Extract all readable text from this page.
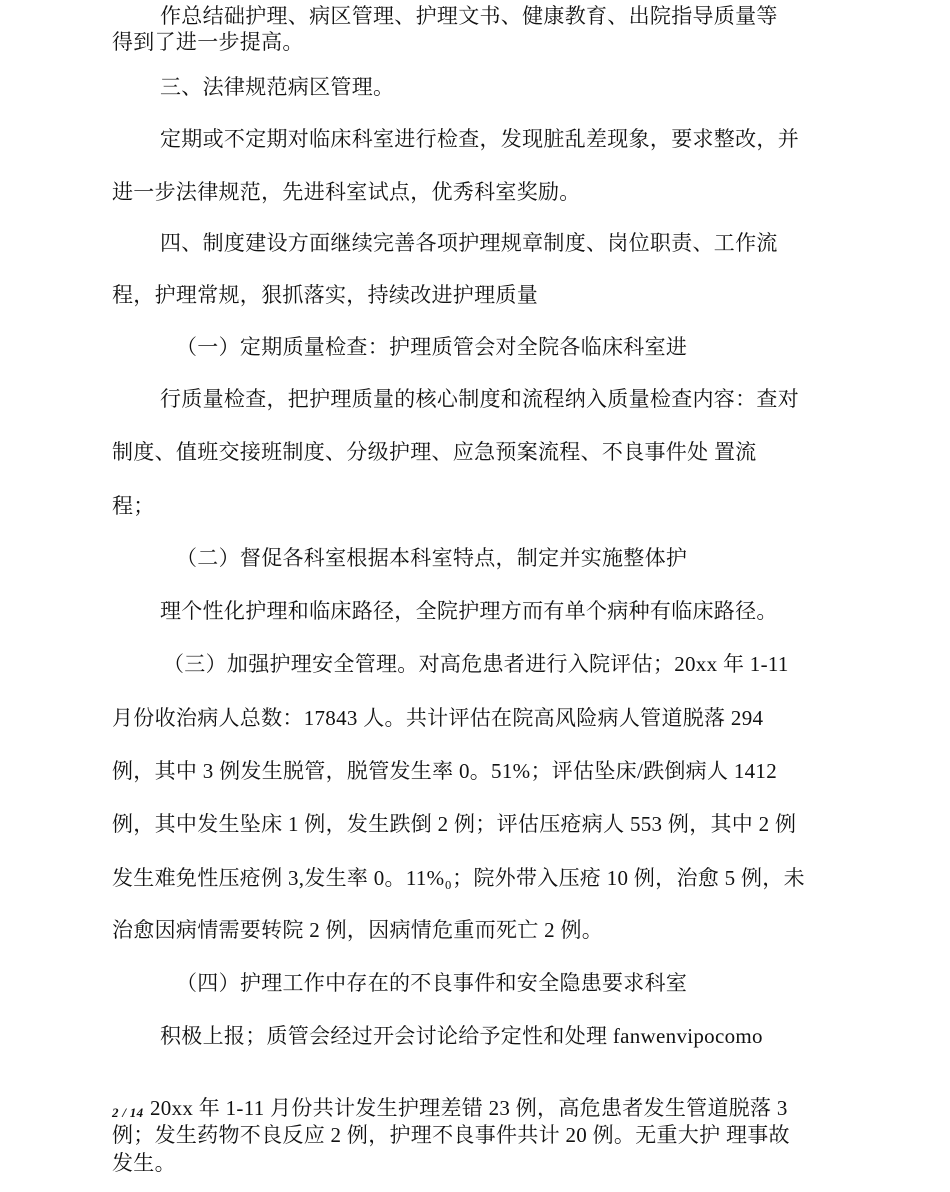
作总结础护理、病区管理、护理文书、健康教育、出院指导质量等
得到了进一步提高。
三、法律规范病区管理。
定期或不定期对临床科室进行检查，发现脏乱差现象，要求整改，并
进一步法律规范，先进科室试点，优秀科室奖励。
四、制度建设方面继续完善各项护理规章制度、岗位职责、工作流
程，护理常规，狠抓落实，持续改进护理质量
（一）定期质量检查：护理质管会对全院各临床科室进
行质量检查，把护理质量的核心制度和流程纳入质量检查内容：查对
制度、值班交接班制度、分级护理、应急预案流程、不良事件处 置流
程；
（二）督促各科室根据本科室特点，制定并实施整体护
理个性化护理和临床路径，全院护理方而有单个病种有临床路径。
（三）加强护理安全管理。对高危患者进行入院评估；20xx 年 1-11
月份收治病人总数：17843 人。共计评估在院高风险病人管道脱落 294
例，其中 3 例发生脱管，脱管发生率 0。51%；评估坠床/跌倒病人 1412
例，其中发生坠床 1 例，发生跌倒 2 例；评估压疮病人 553 例，其中 2 例
发生难免性压疮例 3,发生率 0。11%₀；院外带入压疮 10 例，治愈 5 例，未
治愈因病情需要转院 2 例，因病情危重而死亡 2 例。
（四）护理工作中存在的不良事件和安全隐患要求科室
积极上报；质管会经过开会讨论给予定性和处理 fanwenvipocomo
2 / 14 20xx 年 1-11 月份共计发生护理差错 23 例，高危患者发生管道脱落 3
例；发生药物不良反应 2 例，护理不良事件共计 20 例。无重大护 理事故
发生。
